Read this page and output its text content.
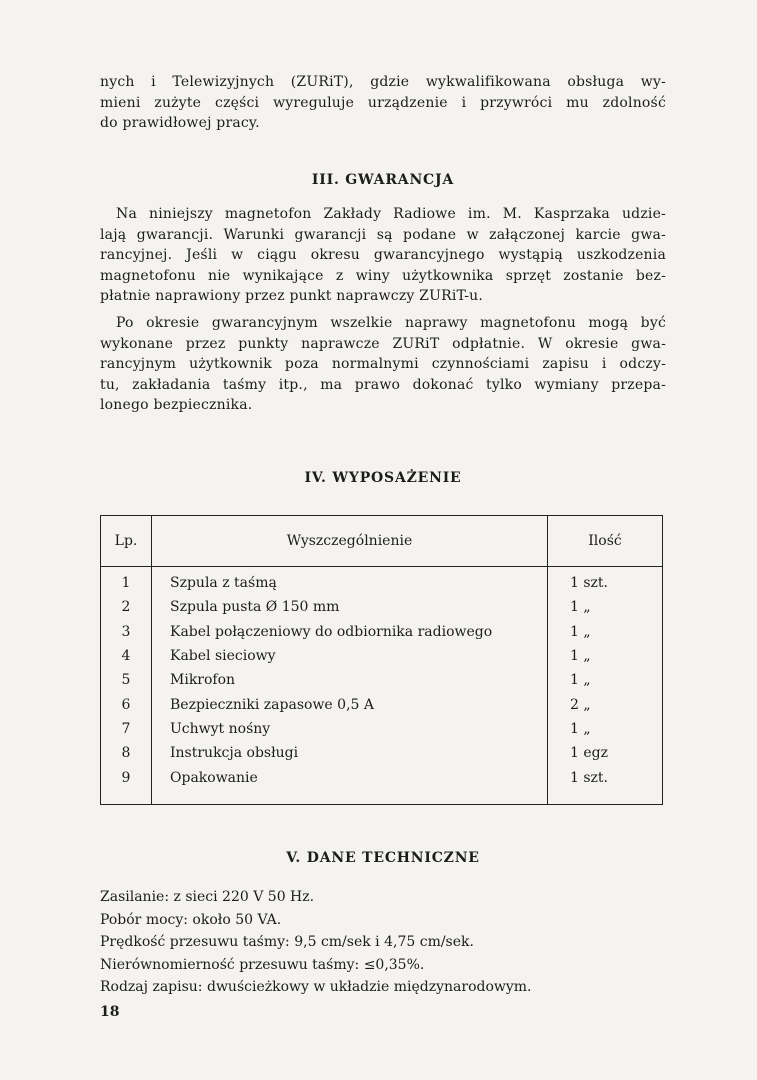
nych i Telewizyjnych (ZURiT), gdzie wykwalifikowana obsługa wy-
mieni zużyte części wyreguluje urządzenie i przywróci mu zdolność
do prawidłowej pracy.
III. GWARANCJA
Na niniejszy magnetofon Zakłady Radiowe im. M. Kasprzaka udzie-
lają gwarancji. Warunki gwarancji są podane w załączonej karcie gwa-
rancyjnej. Jeśli w ciągu okresu gwarancyjnego wystąpią uszkodzenia
magnetofonu nie wynikające z winy użytkownika sprzęt zostanie bez-
płatnie naprawiony przez punkt naprawczy ZURiT-u.
Po okresie gwarancyjnym wszelkie naprawy magnetofonu mogą być
wykonane przez punkty naprawcze ZURiT odpłatnie. W okresie gwa-
rancyjnym użytkownik poza normalnymi czynnościami zapisu i odczy-
tu, zakładania taśmy itp., ma prawo dokonać tylko wymiany przepa-
lonego bezpiecznika.
IV. WYPOSAŻENIE
Lp.	Wyszczególnienie	Ilość
1	Szpula z taśmą	1 szt.
2	Szpula pusta Ø 150 mm	1 „
3	Kabel połączeniowy do odbiornika radiowego	1 „
4	Kabel sieciowy	1 „
5	Mikrofon	1 „
6	Bezpieczniki zapasowe 0,5 A	2 „
7	Uchwyt nośny	1 „
8	Instrukcja obsługi	1 egz
9	Opakowanie	1 szt.
V. DANE TECHNICZNE
Zasilanie: z sieci 220 V 50 Hz.
Pobór mocy: około 50 VA.
Prędkość przesuwu taśmy: 9,5 cm/sek i 4,75 cm/sek.
Nierównomierność przesuwu taśmy: ≤0,35%.
Rodzaj zapisu: dwuścieżkowy w układzie międzynarodowym.
18
